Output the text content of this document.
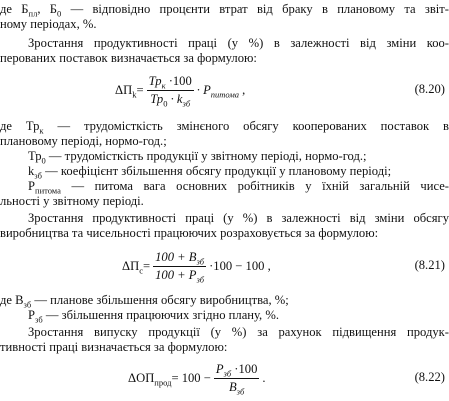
де $Б_{пл}$, $Б_0$ — відповідно процєнти втрат від браку в плановому та звіт-
ному періодах, %.
Зростання продуктивності праці (у %) в залежності від зміни коо-
перованих поставок визначається за формулою:
$\Delta П_k = \frac{Тр_к \cdot 100}{Тр_0 \cdot k_{зб}} \cdot P_{питома}$ ,	(8.20)
де $Тр_к$ — трудомісткість змінєного обсягу кооперованих поставок в
плановому періоді, нормо-год.;
$Тр_0$ — трудомісткість продукції у звітному періоді, нормо-год.;
$k_{зб}$ — коефіцієнт збільшення обсягу продукції у плановому періоді;
$P_{питома}$ — питома вага основних робітників у їхній загальній чисе-
льності у звітному періоді.
Зростання продуктивності праці (у %) в залежності від зміни обсягу
виробництва та чисельності працюючих розраховується за формулою:
$\Delta П_c = \frac{100 + B_{зб}}{100 + P_{зб}} \cdot 100 - 100$ ,	(8.21)
де $B_{зб}$ — планове збільшення обсягу виробництва, %;
$Р_{зб}$ — збільшення працюючих згідно плану, %.
Зростання випуску продукції (у %) за рахунок підвищення продук-
тивності праці визначається за формулою:
$\Delta ОП_{прод} = 100 - \frac{P_{зб} \cdot 100}{B_{зб}}$ .	(8.22)
